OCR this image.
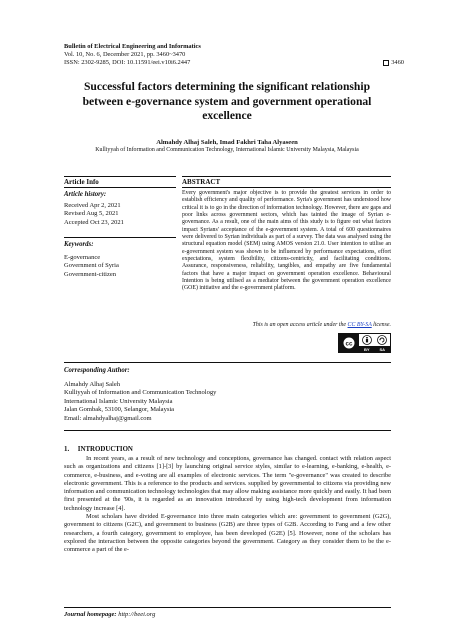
Bulletin of Electrical Engineering and Informatics
Vol. 10, No. 6, December 2021, pp. 3460~3470
ISSN: 2302-9285, DOI: 10.11591/eei.v10i6.2447	3460
Successful factors determining the significant relationship
between e-governance system and government operational
excellence
Almahdy Alhaj Saleh, Imad Fakhri Taha Alyaseen
Kulliyyah of Information and Communication Technology, International Islamic University Malaysia, Malaysia
Article Info	ABSTRACT
Article history:
Received Apr 2, 2021
Revised Aug 5, 2021
Accepted Oct 23, 2021
Keywords:
E-governance
Government of Syria
Government-citizen
Every government's major objective is to provide the greatest services in order to establish efficiency and quality of performance. Syria's government has understood how critical it is to go in the direction of information technology. However, there are gaps and poor links across government sectors, which has tainted the image of Syrian e-governance. As a result, one of the main aims of this study is to figure out what factors impact Syrians' acceptance of the e-government system. A total of 600 questionnaires were delivered to Syrian individuals as part of a survey. The data was analysed using the structural equation model (SEM) using AMOS version 21.0. User intention to utilise an e-government system was shown to be influenced by performance expectations, effort expectations, system flexibility, citizens-centricity, and facilitating conditions. Assurance, responsiveness, reliability, tangibles, and empathy are five fundamental factors that have a major impact on government operation excellence. Behavioural Intention is being utilised as a mediator between the government operation excellence (GOE) initiative and the e-government platform.
This is an open access article under the CC BY-SA license.
cc
BY SA
Corresponding Author:
Almahdy Alhaj Saleh
Kulliyyah of Information and Communication Technology
International Islamic University Malaysia
Jalan Gombak, 53100, Selangor, Malaysia
Email: almahdyalhaj@gmail.com
1.     INTRODUCTION

In recent years, as a result of new technology and conceptions, governance has changed. contact with relation aspect such as organizations and citizens [1]-[3] by launching original service styles, similar to e-learning, e-banking, e-health, e-commerce, e-business, and e-voting are all examples of electronic services. The term "e-governance" was created to describe electronic government. This is a reference to the products and services. supplied by governmental to citizens via providing new information and communication technology technologies that may allow making assistance more quickly and easily. It had been first presented at the '90s, it is regarded as an innovation introduced by using high-tech development from information technology increase [4].

Most scholars have divided E-governance into three main categories which are: government to government (G2G), government to citizens (G2C), and government to business (G2B) are three types of G2B. According to Fang and a few other researchers, a fourth category, government to employee, has been developed (G2E) [5]. However, none of the scholars has explored the interaction between the opposite categories beyond the government. Category as they consider them to be the e-commerce a part of the e-

Journal homepage: http://beei.org
